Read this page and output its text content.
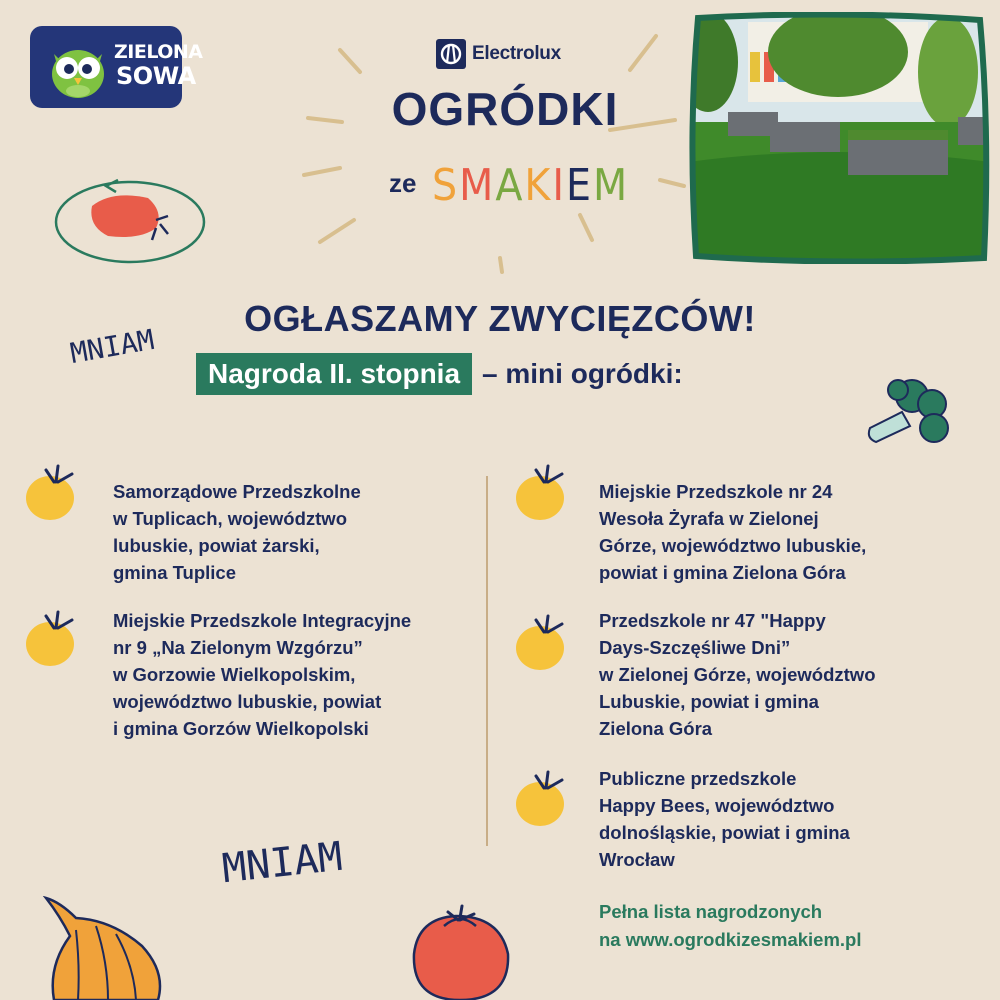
ZIELONA
SOWA
Electrolux
OGRÓDKI
ze SMAKIEM
MNIAM
OGŁASZAMY ZWYCIĘZCÓW!
Nagroda II. stopnia – mini ogródki:
Samorządowe Przedszkolne
w Tuplicach, województwo
lubuskie, powiat żarski,
gmina Tuplice
Miejskie Przedszkole Integracyjne
nr 9 „Na Zielonym Wzgórzu”
w Gorzowie Wielkopolskim,
województwo lubuskie, powiat
i gmina Gorzów Wielkopolski
Miejskie Przedszkole nr 24
Wesoła Żyrafa w Zielonej
Górze, województwo lubuskie,
powiat i gmina Zielona Góra
Przedszkole nr 47 "Happy
Days-Szczęśliwe Dni”
w Zielonej Górze, województwo
Lubuskie, powiat i gmina
Zielona Góra
Publiczne przedszkole
Happy Bees, województwo
dolnośląskie, powiat i gmina
Wrocław
MNIAM
Pełna lista nagrodzonych
na www.ogrodkizesmakiem.pl
